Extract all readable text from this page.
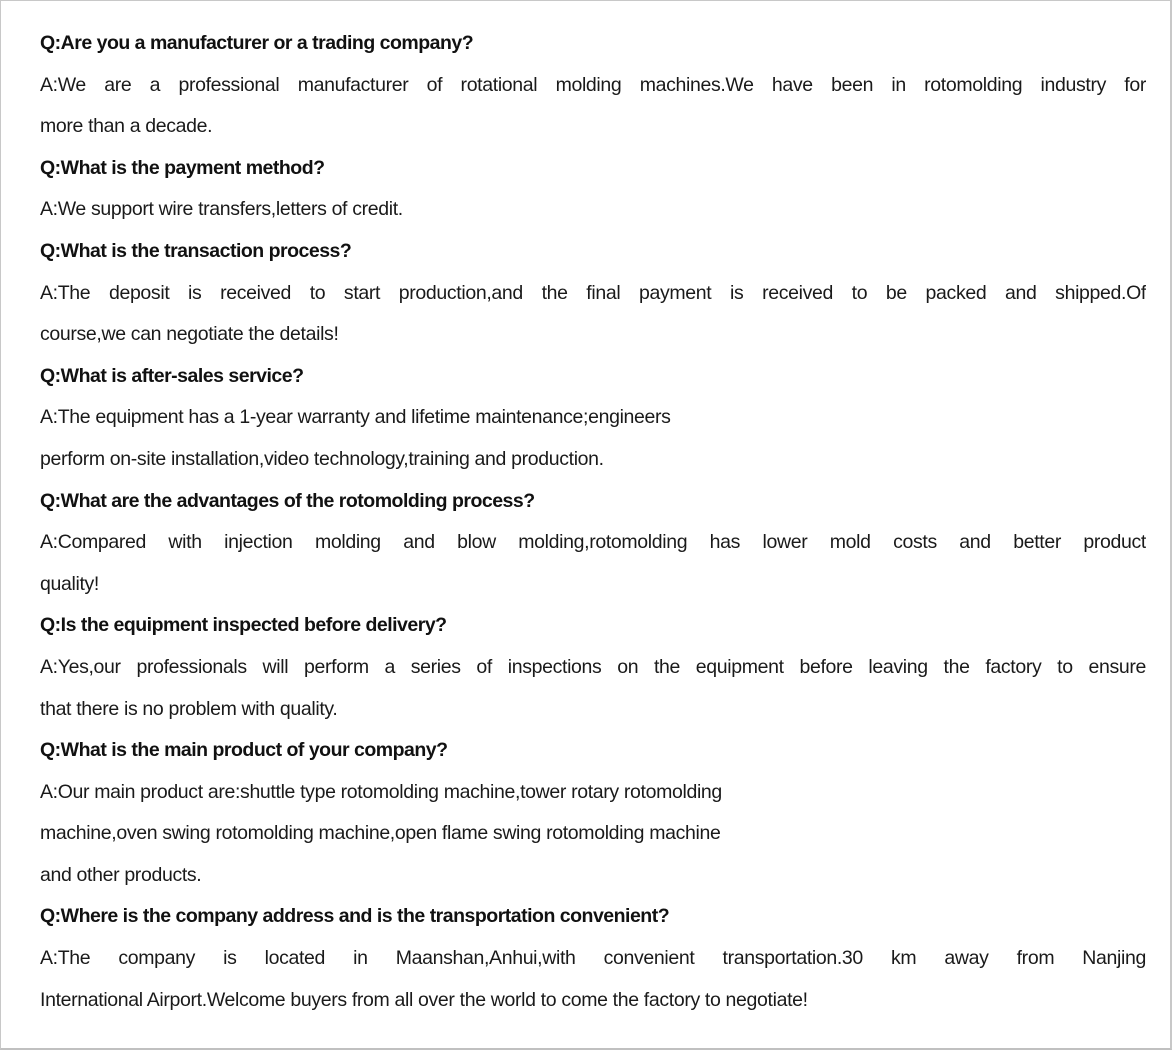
Q:Are you a manufacturer or a trading company?
A:We are a professional manufacturer of rotational molding machines.We have been in rotomolding industry for
more than a decade.
Q:What is the payment method?
A:We support wire transfers,letters of credit.
Q:What is the transaction process?
A:The deposit is received to start production,and the final payment is received to be packed and shipped.Of
course,we can negotiate the details!
Q:What is after-sales service?
A:The equipment has a 1-year warranty and lifetime maintenance;engineers
perform on-site installation,video technology,training and production.
Q:What are the advantages of the rotomolding process?
A:Compared with injection molding and blow molding,rotomolding has lower mold costs and better product
quality!
Q:Is the equipment inspected before delivery?
A:Yes,our professionals will perform a series of inspections on the equipment before leaving the factory to ensure
that there is no problem with quality.
Q:What is the main product of your company?
A:Our main product are:shuttle type rotomolding machine,tower rotary rotomolding
machine,oven swing rotomolding machine,open flame swing rotomolding machine
and other products.
Q:Where is the company address and is the transportation convenient?
A:The company is located in Maanshan,Anhui,with convenient transportation.30 km away from Nanjing
International Airport.Welcome buyers from all over the world to come the factory to negotiate!
